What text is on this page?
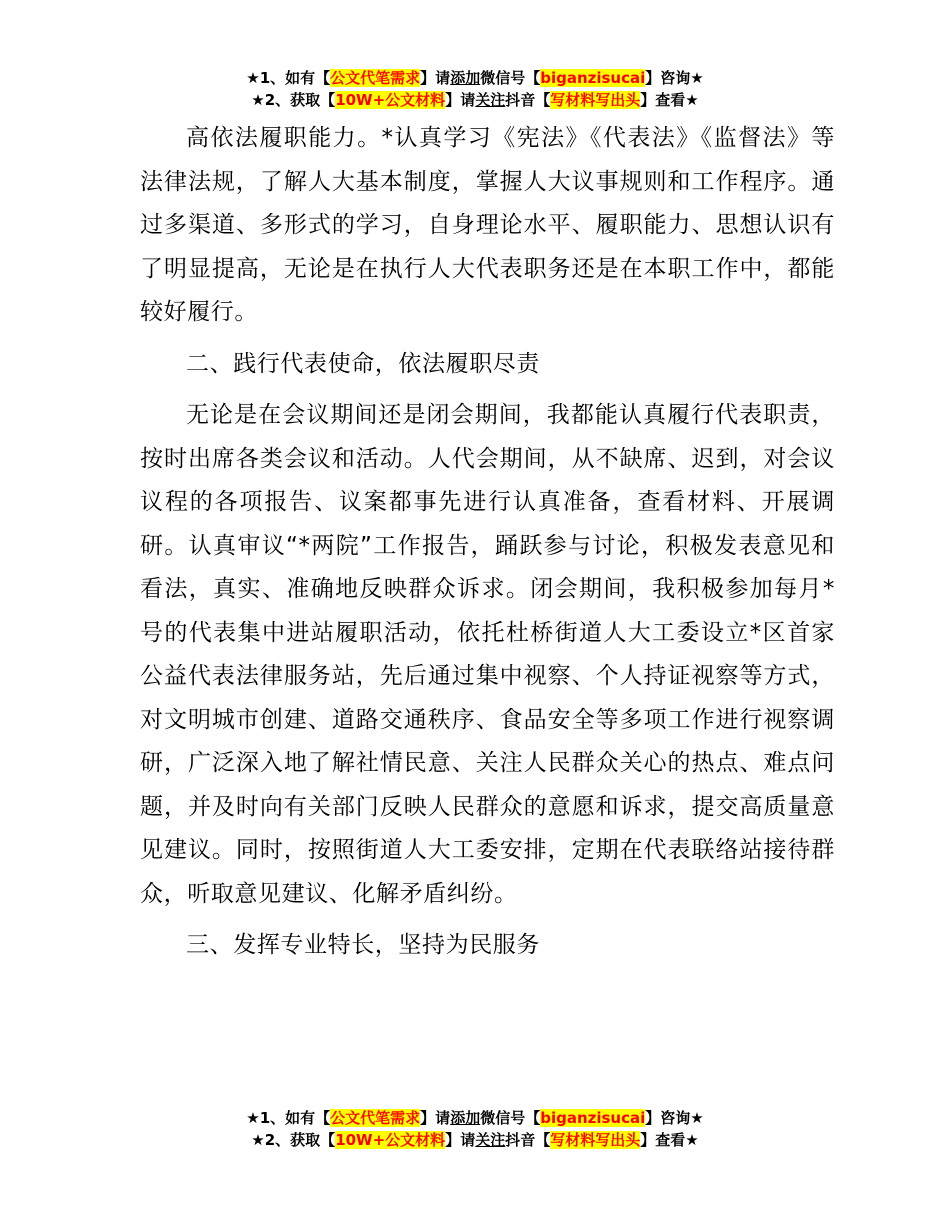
★1、如有【公文代笔需求】请添加微信号【biganzisucai】咨询★
★2、获取【10W+公文材料】请关注抖音【写材料写出头】查看★

高依法履职能力。*认真学习《宪法》《代表法》《监督法》等法律法规，了解人大基本制度，掌握人大议事规则和工作程序。通过多渠道、多形式的学习，自身理论水平、履职能力、思想认识有了明显提高，无论是在执行人大代表职务还是在本职工作中，都能较好履行。

二、践行代表使命，依法履职尽责

无论是在会议期间还是闭会期间，我都能认真履行代表职责，按时出席各类会议和活动。人代会期间，从不缺席、迟到，对会议议程的各项报告、议案都事先进行认真准备，查看材料、开展调研。认真审议“*两院”工作报告，踊跃参与讨论，积极发表意见和看法，真实、准确地反映群众诉求。闭会期间，我积极参加每月*号的代表集中进站履职活动，依托杜桥街道人大工委设立*区首家公益代表法律服务站，先后通过集中视察、个人持证视察等方式，对文明城市创建、道路交通秩序、食品安全等多项工作进行视察调研，广泛深入地了解社情民意、关注人民群众关心的热点、难点问题，并及时向有关部门反映人民群众的意愿和诉求，提交高质量意见建议。同时，按照街道人大工委安排，定期在代表联络站接待群众，听取意见建议、化解矛盾纠纷。

三、发挥专业特长，坚持为民服务

★1、如有【公文代笔需求】请添加微信号【biganzisucai】咨询★
★2、获取【10W+公文材料】请关注抖音【写材料写出头】查看★
